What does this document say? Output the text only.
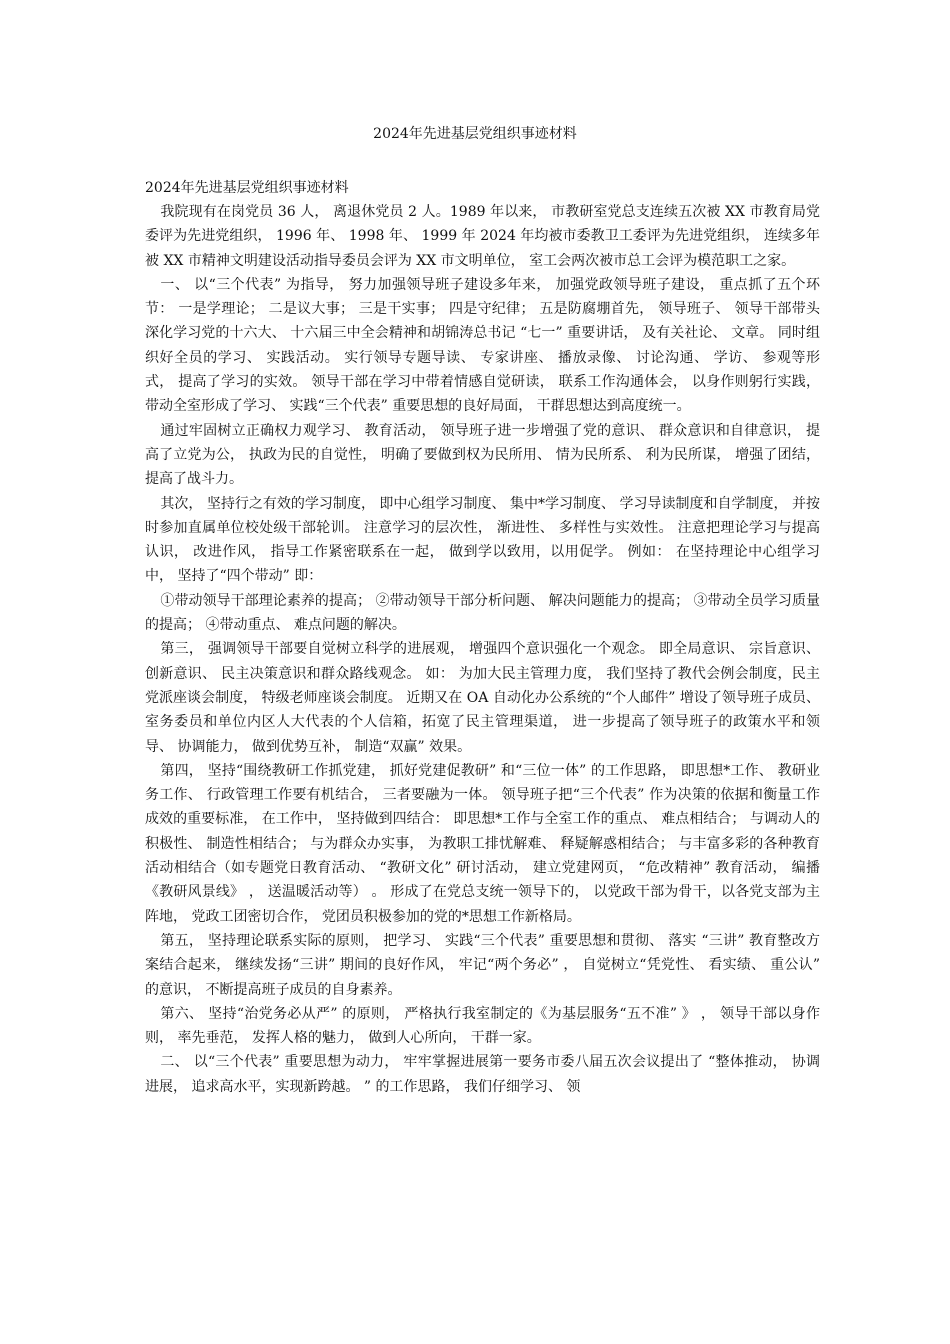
2024年先进基层党组织事迹材料

2024年先进基层党组织事迹材料

我院现有在岗党员 36 人， 离退休党员 2 人。1989 年以来， 市教研室党总支连续五次被 XX 市教育局党委评为先进党组织， 1996 年、 1998 年、 1999 年 2024 年均被市委教卫工委评为先进党组织， 连续多年被 XX 市精神文明建设活动指导委员会评为 XX 市文明单位， 室工会两次被市总工会评为模范职工之家。

一、 以“三个代表” 为指导， 努力加强领导班子建设多年来， 加强党政领导班子建设， 重点抓了五个环节： 一是学理论； 二是议大事； 三是干实事； 四是守纪律； 五是防腐堋首先， 领导班子、 领导干部带头深化学习党的十六大、 十六届三中全会精神和胡锦涛总书记 “七一” 重要讲话， 及有关社论、 文章。 同时组织好全员的学习、 实践活动。 实行领导专题导读、 专家讲座、 播放录像、 讨论沟通、 学访、 参观等形式， 提高了学习的实效。 领导干部在学习中带着情感自觉研读， 联系工作沟通体会， 以身作则躬行实践， 带动全室形成了学习、 实践“三个代表” 重要思想的良好局面， 干群思想达到高度统一。

通过牢固树立正确权力观学习、 教育活动， 领导班子进一步增强了党的意识、 群众意识和自律意识， 提高了立党为公， 执政为民的自觉性， 明确了要做到权为民所用、 情为民所系、 利为民所谋， 增强了团结， 提高了战斗力。

其次， 坚持行之有效的学习制度， 即中心组学习制度、 集中*学习制度、 学习导读制度和自学制度， 并按时参加直属单位校处级干部轮训。 注意学习的层次性， 渐进性、 多样性与实效性。 注意把理论学习与提高认识， 改进作风， 指导工作紧密联系在一起， 做到学以致用，以用促学。 例如： 在坚持理论中心组学习中， 坚持了“四个带动” 即：

①带动领导干部理论素养的提高； ②带动领导干部分析问题、 解决问题能力的提高； ③带动全员学习质量的提高； ④带动重点、 难点问题的解决。

第三， 强调领导干部要自觉树立科学的进展观， 增强四个意识强化一个观念。 即全局意识、 宗旨意识、 创新意识、 民主决策意识和群众路线观念。 如： 为加大民主管理力度， 我们坚持了教代会例会制度，民主党派座谈会制度， 特级老师座谈会制度。 近期又在 OA 自动化办公系统的“个人邮件” 增设了领导班子成员、 室务委员和单位内区人大代表的个人信箱，拓宽了民主管理渠道， 进一步提高了领导班子的政策水平和领导、 协调能力， 做到优势互补， 制造“双赢” 效果。

第四， 坚持“围绕教研工作抓党建， 抓好党建促教研” 和“三位一体” 的工作思路， 即思想*工作、 教研业务工作、 行政管理工作要有机结合， 三者要融为一体。 领导班子把“三个代表” 作为决策的依据和衡量工作成效的重要标准， 在工作中， 坚持做到四结合： 即思想*工作与全室工作的重点、 难点相结合； 与调动人的积极性、 制造性相结合； 与为群众办实事， 为教职工排忧解难、 释疑解惑相结合； 与丰富多彩的各种教育活动相结合（如专题党日教育活动、 “教研文化” 研讨活动， 建立党建网页， “危改精神” 教育活动， 编播 《教研风景线》 ， 送温暖活动等） 。 形成了在党总支统一领导下的， 以党政干部为骨干，以各党支部为主阵地， 党政工团密切合作， 党团员积极参加的党的*思想工作新格局。

第五， 坚持理论联系实际的原则， 把学习、 实践“三个代表” 重要思想和贯彻、 落实 “三讲” 教育整改方案结合起来， 继续发扬“三讲” 期间的良好作风， 牢记“两个务必” ， 自觉树立“凭党性、 看实绩、 重公认” 的意识， 不断提高班子成员的自身素养。

第六、 坚持“治党务必从严” 的原则， 严格执行我室制定的《为基层服务“五不准” 》 ， 领导干部以身作则， 率先垂范， 发挥人格的魅力， 做到人心所向， 干群一家。

二、 以“三个代表” 重要思想为动力， 牢牢掌握进展第一要务市委八届五次会议提出了 “整体推动， 协调进展， 追求高水平，实现新跨越。 ” 的工作思路， 我们仔细学习、 领
